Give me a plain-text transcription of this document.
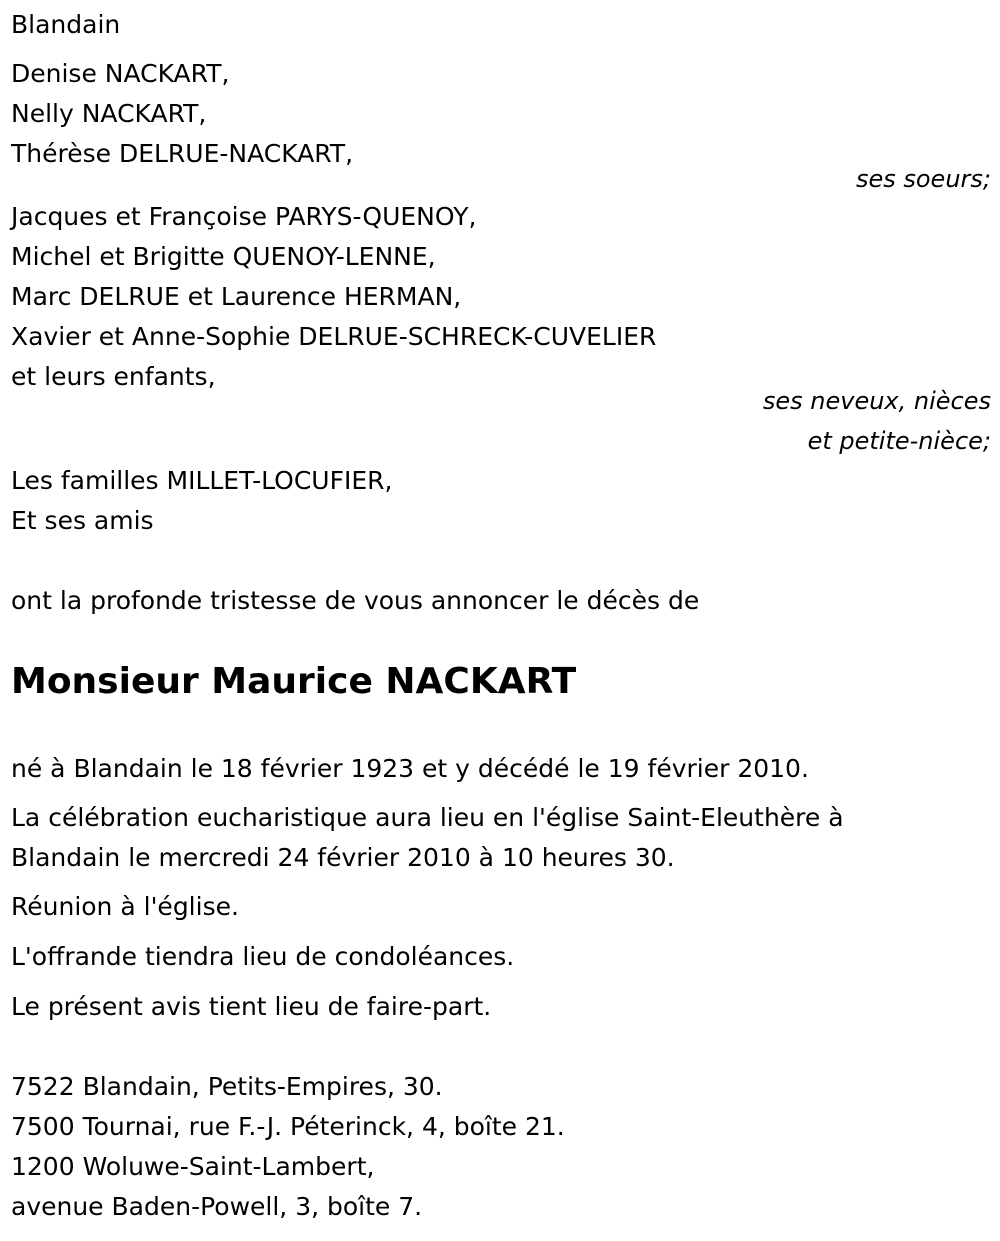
Blandain
Denise NACKART,
Nelly NACKART,
Thérèse DELRUE-NACKART,
ses soeurs;
Jacques et Françoise PARYS-QUENOY,
Michel et Brigitte QUENOY-LENNE,
Marc DELRUE et Laurence HERMAN,
Xavier et Anne-Sophie DELRUE-SCHRECK-CUVELIER
et leurs enfants,
ses neveux, nièces
et petite-nièce;
Les familles MILLET-LOCUFIER,
Et ses amis
ont la profonde tristesse de vous annoncer le décès de
Monsieur Maurice NACKART
né à Blandain le 18 février 1923 et y décédé le 19 février 2010.
La célébration eucharistique aura lieu en l'église Saint-Eleuthère à
Blandain le mercredi 24 février 2010 à 10 heures 30.
Réunion à l'église.
L'offrande tiendra lieu de condoléances.
Le présent avis tient lieu de faire-part.
7522 Blandain, Petits-Empires, 30.
7500 Tournai, rue F.-J. Péterinck, 4, boîte 21.
1200 Woluwe-Saint-Lambert,
avenue Baden-Powell, 3, boîte 7.
